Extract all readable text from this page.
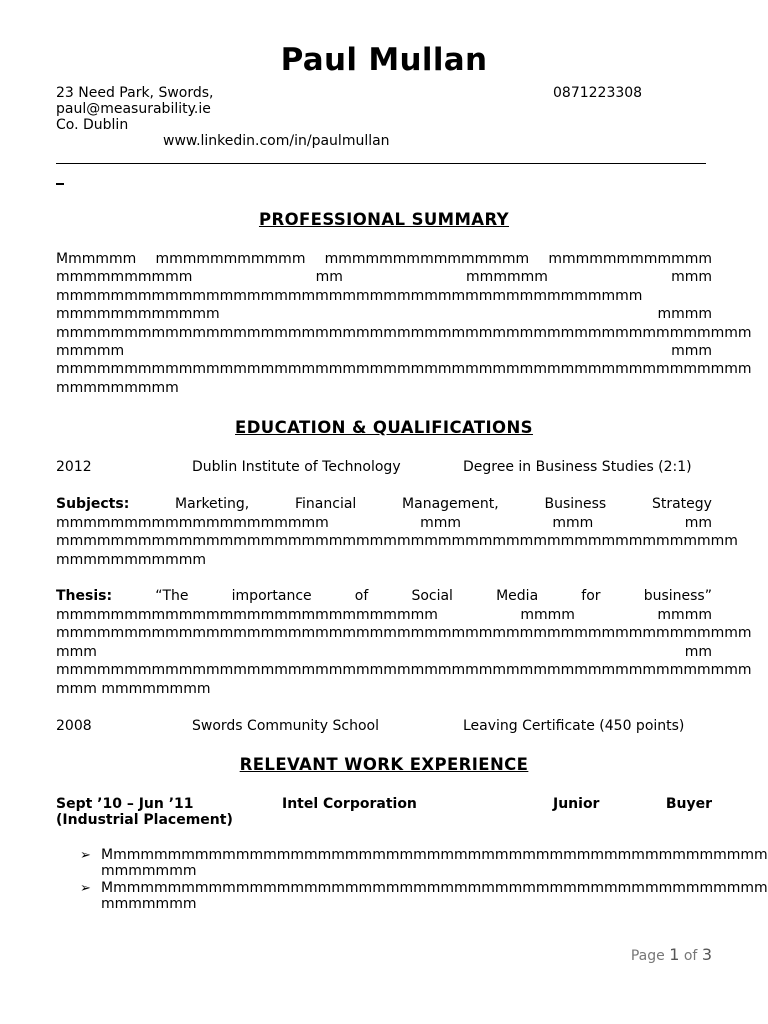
Paul Mullan
23 Need Park, Swords,	0871223308
paul@measurability.ie
Co. Dublin
www.linkedin.com/in/paulmullan
PROFESSIONAL SUMMARY
Mmmmmm mmmmmmmmmmm mmmmmmmmmmmmmmm mmmmmmmmmmmm
mmmmmmmmmm	mm	mmmmmm	mmm
mmmmmmmmmmmmmmmmmmmmmmmmmmmmmmmmmmmmmmmmmmm
mmmmmmmmmmmm	mmmm
mmmmmmmmmmmmmmmmmmmmmmmmmmmmmmmmmmmmmmmmmmmmmmmmmmm
mmmmm	mmm
mmmmmmmmmmmmmmmmmmmmmmmmmmmmmmmmmmmmmmmmmmmmmmmmmmm
mmmmmmmmm
EDUCATION & QUALIFICATIONS
2012	Dublin Institute of Technology	Degree in Business Studies (2:1)
Subjects:	Marketing,	Financial	Management,	Business	Strategy
mmmmmmmmmmmmmmmmmmmm	mmm	mmm	mm
mmmmmmmmmmmmmmmmmmmmmmmmmmmmmmmmmmmmmmmmmmmmmmmmmm
mmmmmmmmmmm
Thesis:	“The	importance	of	Social	Media	for	business”
mmmmmmmmmmmmmmmmmmmmmmmmmmmm	mmmm	mmmm
mmmmmmmmmmmmmmmmmmmmmmmmmmmmmmmmmmmmmmmmmmmmmmmmmmm
mmm	mm
mmmmmmmmmmmmmmmmmmmmmmmmmmmmmmmmmmmmmmmmmmmmmmmmmmm
mmm mmmmmmmm
2008	Swords Community School	Leaving Certificate (450 points)
RELEVANT WORK EXPERIENCE
Sept ’10 – Jun ’11	Intel Corporation	Junior	Buyer
(Industrial Placement)
➢ Mmmmmmmmmmmmmmmmmmmmmmmmmmmmmmmmmmmmmmmmmmmmmmmmm
mmmmmmm
➢ Mmmmmmmmmmmmmmmmmmmmmmmmmmmmmmmmmmmmmmmmmmmmmmmmm
mmmmmmm
Page 1 of 3
